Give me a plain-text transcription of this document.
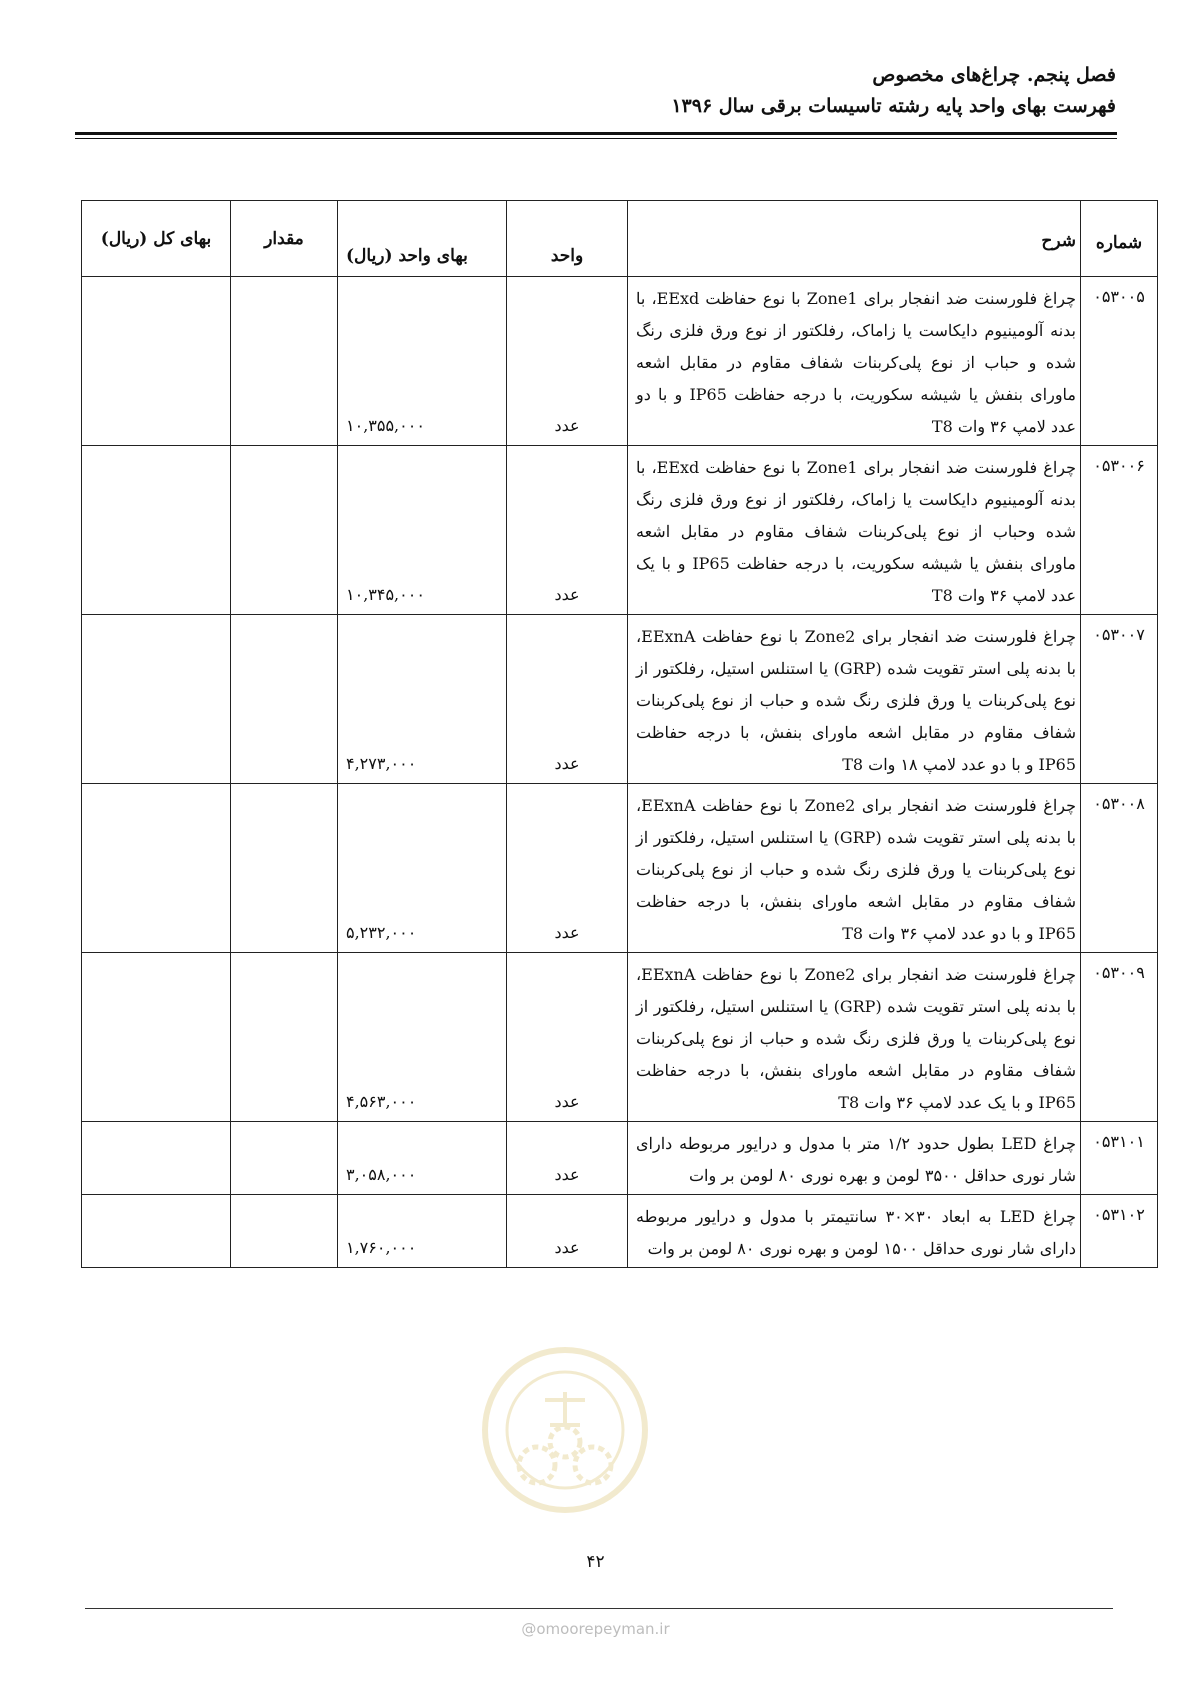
فصل پنجم. چراغ‌های مخصوص
فهرست بهای واحد پایه رشته تاسیسات برقی سال ۱۳۹۶
شماره	شرح	واحد	بهای واحد (ریال)	مقدار	بهای کل (ریال)
۰۵۳۰۰۵	چراغ فلورسنت ضد انفجار برای Zone1 با نوع حفاظت EExd، با بدنه آلومینیوم دایکاست یا زاماک، رفلکتور از نوع ورق فلزی رنگ شده و حباب از نوع پلی‌کربنات شفاف مقاوم در مقابل اشعه ماورای بنفش یا شیشه سکوریت، با درجه حفاظت IP65 و با دو عدد لامپ ۳۶ وات T8	عدد	۱۰,۳۵۵,۰۰۰		
۰۵۳۰۰۶	چراغ فلورسنت ضد انفجار برای Zone1 با نوع حفاظت EExd، با بدنه آلومینیوم دایکاست یا زاماک، رفلکتور از نوع ورق فلزی رنگ شده وحباب از نوع پلی‌کربنات شفاف مقاوم در مقابل اشعه ماورای بنفش یا شیشه سکوریت، با درجه حفاظت IP65 و با یک عدد لامپ ۳۶ وات T8	عدد	۱۰,۳۴۵,۰۰۰		
۰۵۳۰۰۷	چراغ فلورسنت ضد انفجار برای Zone2 با نوع حفاظت EExnA، با بدنه پلی استر تقویت شده (GRP) یا استنلس استیل، رفلکتور از نوع پلی‌کربنات یا ورق فلزی رنگ شده و حباب از نوع پلی‌کربنات شفاف مقاوم در مقابل اشعه ماورای بنفش، با درجه حفاظت IP65 و با دو عدد لامپ ۱۸ وات T8	عدد	۴,۲۷۳,۰۰۰		
۰۵۳۰۰۸	چراغ فلورسنت ضد انفجار برای Zone2 با نوع حفاظت EExnA، با بدنه پلی استر تقویت شده (GRP) یا استنلس استیل، رفلکتور از نوع پلی‌کربنات یا ورق فلزی رنگ شده و حباب از نوع پلی‌کربنات شفاف مقاوم در مقابل اشعه ماورای بنفش، با درجه حفاظت IP65 و با دو عدد لامپ ۳۶ وات T8	عدد	۵,۲۳۲,۰۰۰		
۰۵۳۰۰۹	چراغ فلورسنت ضد انفجار برای Zone2 با نوع حفاظت EExnA، با بدنه پلی استر تقویت شده (GRP) یا استنلس استیل، رفلکتور از نوع پلی‌کربنات یا ورق فلزی رنگ شده و حباب از نوع پلی‌کربنات شفاف مقاوم در مقابل اشعه ماورای بنفش، با درجه حفاظت IP65 و با یک عدد لامپ ۳۶ وات T8	عدد	۴,۵۶۳,۰۰۰		
۰۵۳۱۰۱	چراغ LED بطول حدود ۱/۲ متر با مدول و درایور مربوطه دارای شار نوری حداقل ۳۵۰۰ لومن و بهره نوری ۸۰ لومن بر وات	عدد	۳,۰۵۸,۰۰۰		
۰۵۳۱۰۲	چراغ LED به ابعاد ۳۰×۳۰ سانتیمتر با مدول و درایور مربوطه دارای شار نوری حداقل ۱۵۰۰ لومن و بهره نوری ۸۰ لومن بر وات	عدد	۱,۷۶۰,۰۰۰		
۴۲
@omoorepeyman.ir
